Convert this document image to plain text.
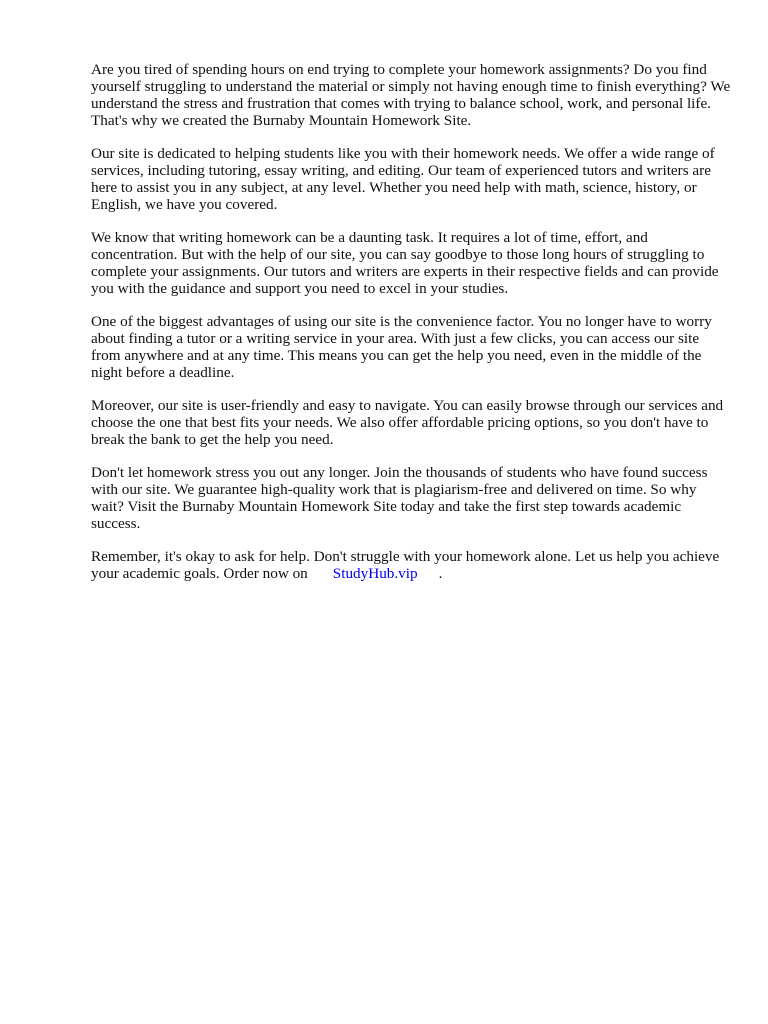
Are you tired of spending hours on end trying to complete your homework assignments? Do you find yourself struggling to understand the material or simply not having enough time to finish everything? We understand the stress and frustration that comes with trying to balance school, work, and personal life. That's why we created the Burnaby Mountain Homework Site.

Our site is dedicated to helping students like you with their homework needs. We offer a wide range of services, including tutoring, essay writing, and editing. Our team of experienced tutors and writers are here to assist you in any subject, at any level. Whether you need help with math, science, history, or English, we have you covered.

We know that writing homework can be a daunting task. It requires a lot of time, effort, and concentration. But with the help of our site, you can say goodbye to those long hours of struggling to complete your assignments. Our tutors and writers are experts in their respective fields and can provide you with the guidance and support you need to excel in your studies.

One of the biggest advantages of using our site is the convenience factor. You no longer have to worry about finding a tutor or a writing service in your area. With just a few clicks, you can access our site from anywhere and at any time. This means you can get the help you need, even in the middle of the night before a deadline.

Moreover, our site is user-friendly and easy to navigate. You can easily browse through our services and choose the one that best fits your needs. We also offer affordable pricing options, so you don't have to break the bank to get the help you need.

Don't let homework stress you out any longer. Join the thousands of students who have found success with our site. We guarantee high-quality work that is plagiarism-free and delivered on time. So why wait? Visit the Burnaby Mountain Homework Site today and take the first step towards academic success.

Remember, it's okay to ask for help. Don't struggle with your homework alone. Let us help you achieve your academic goals. Order now on StudyHub.vip .
